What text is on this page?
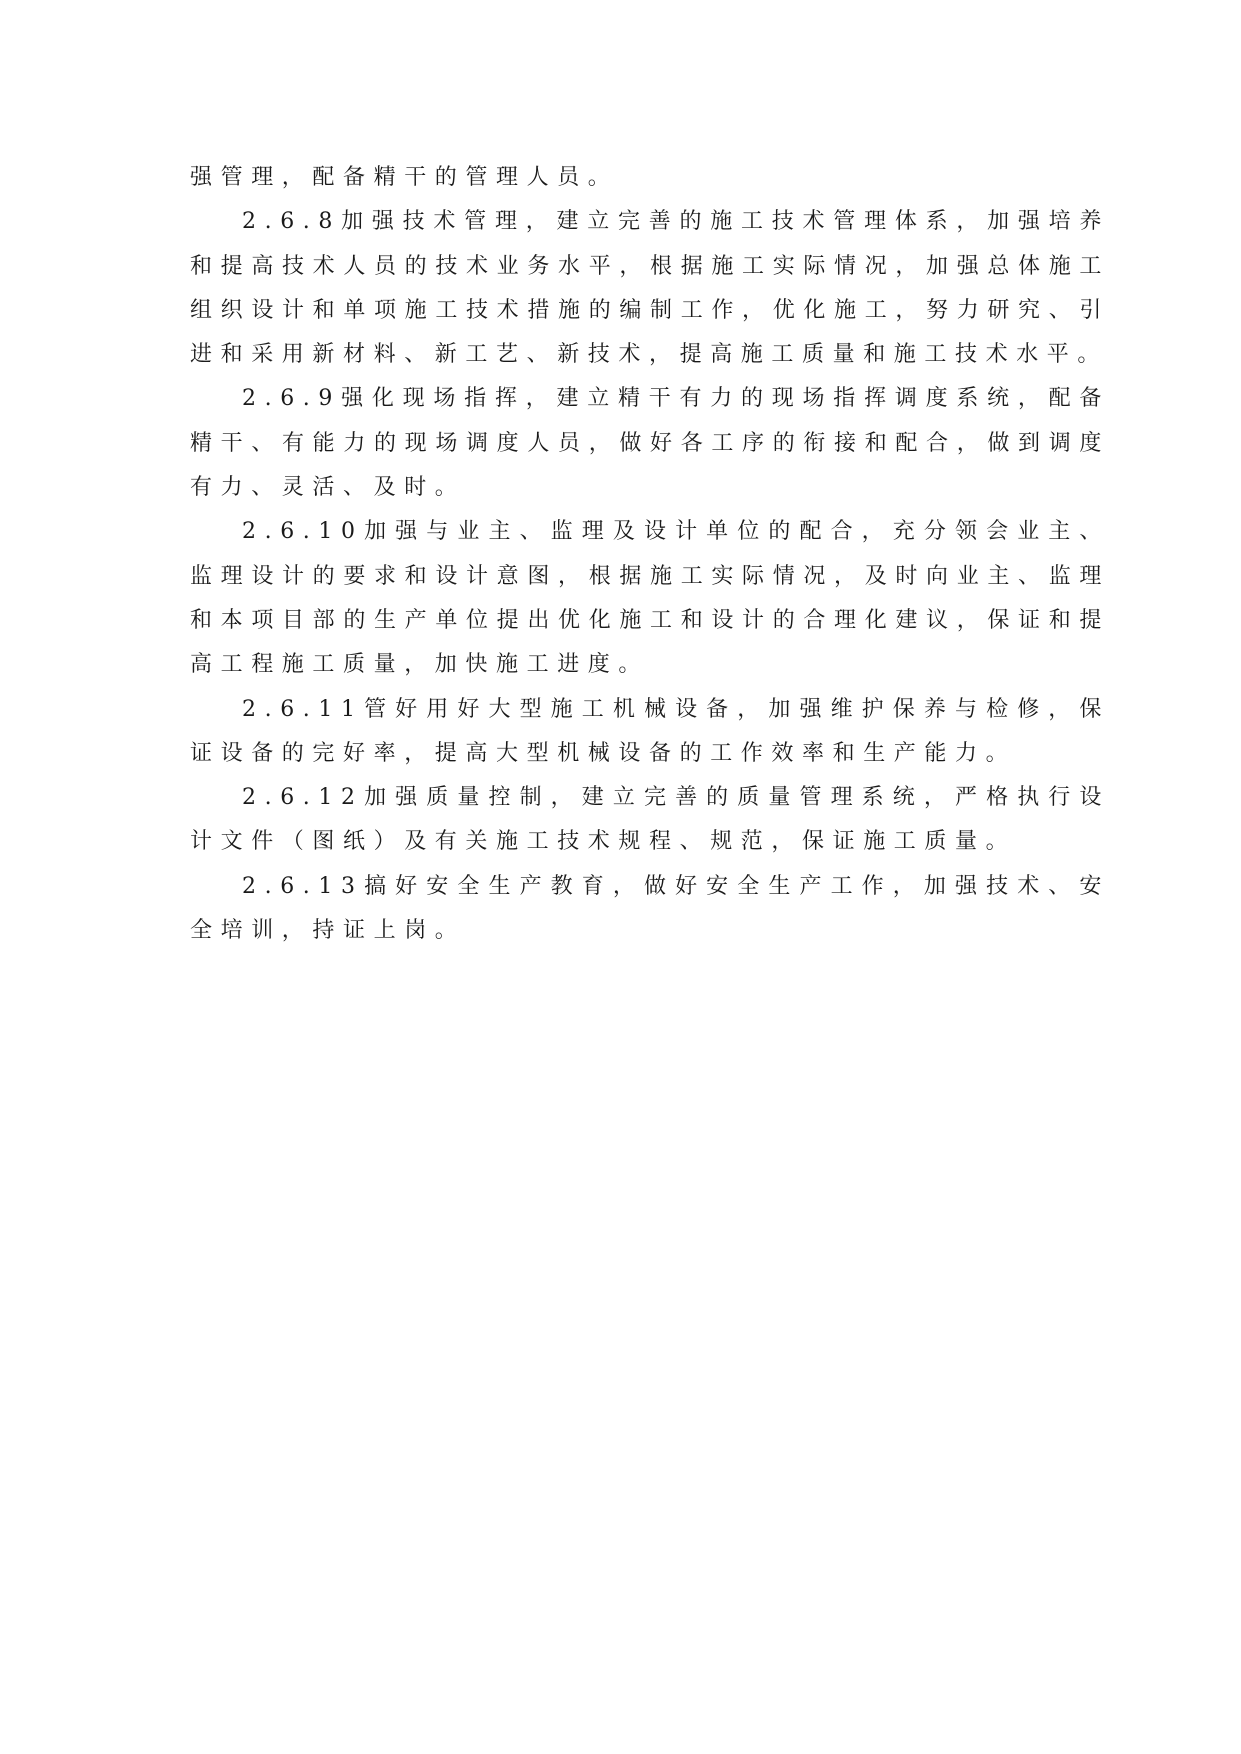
强管理，配备精干的管理人员。

2.6.8加强技术管理，建立完善的施工技术管理体系，加强培养和提高技术人员的技术业务水平，根据施工实际情况，加强总体施工组织设计和单项施工技术措施的编制工作，优化施工，努力研究、引进和采用新材料、新工艺、新技术，提高施工质量和施工技术水平。

2.6.9强化现场指挥，建立精干有力的现场指挥调度系统，配备精干、有能力的现场调度人员，做好各工序的衔接和配合，做到调度有力、灵活、及时。

2.6.10加强与业主、监理及设计单位的配合，充分领会业主、监理设计的要求和设计意图，根据施工实际情况，及时向业主、监理和本项目部的生产单位提出优化施工和设计的合理化建议，保证和提高工程施工质量，加快施工进度。

2.6.11管好用好大型施工机械设备，加强维护保养与检修，保证设备的完好率，提高大型机械设备的工作效率和生产能力。

2.6.12加强质量控制，建立完善的质量管理系统，严格执行设计文件（图纸）及有关施工技术规程、规范，保证施工质量。

2.6.13搞好安全生产教育，做好安全生产工作，加强技术、安全培训，持证上岗。
